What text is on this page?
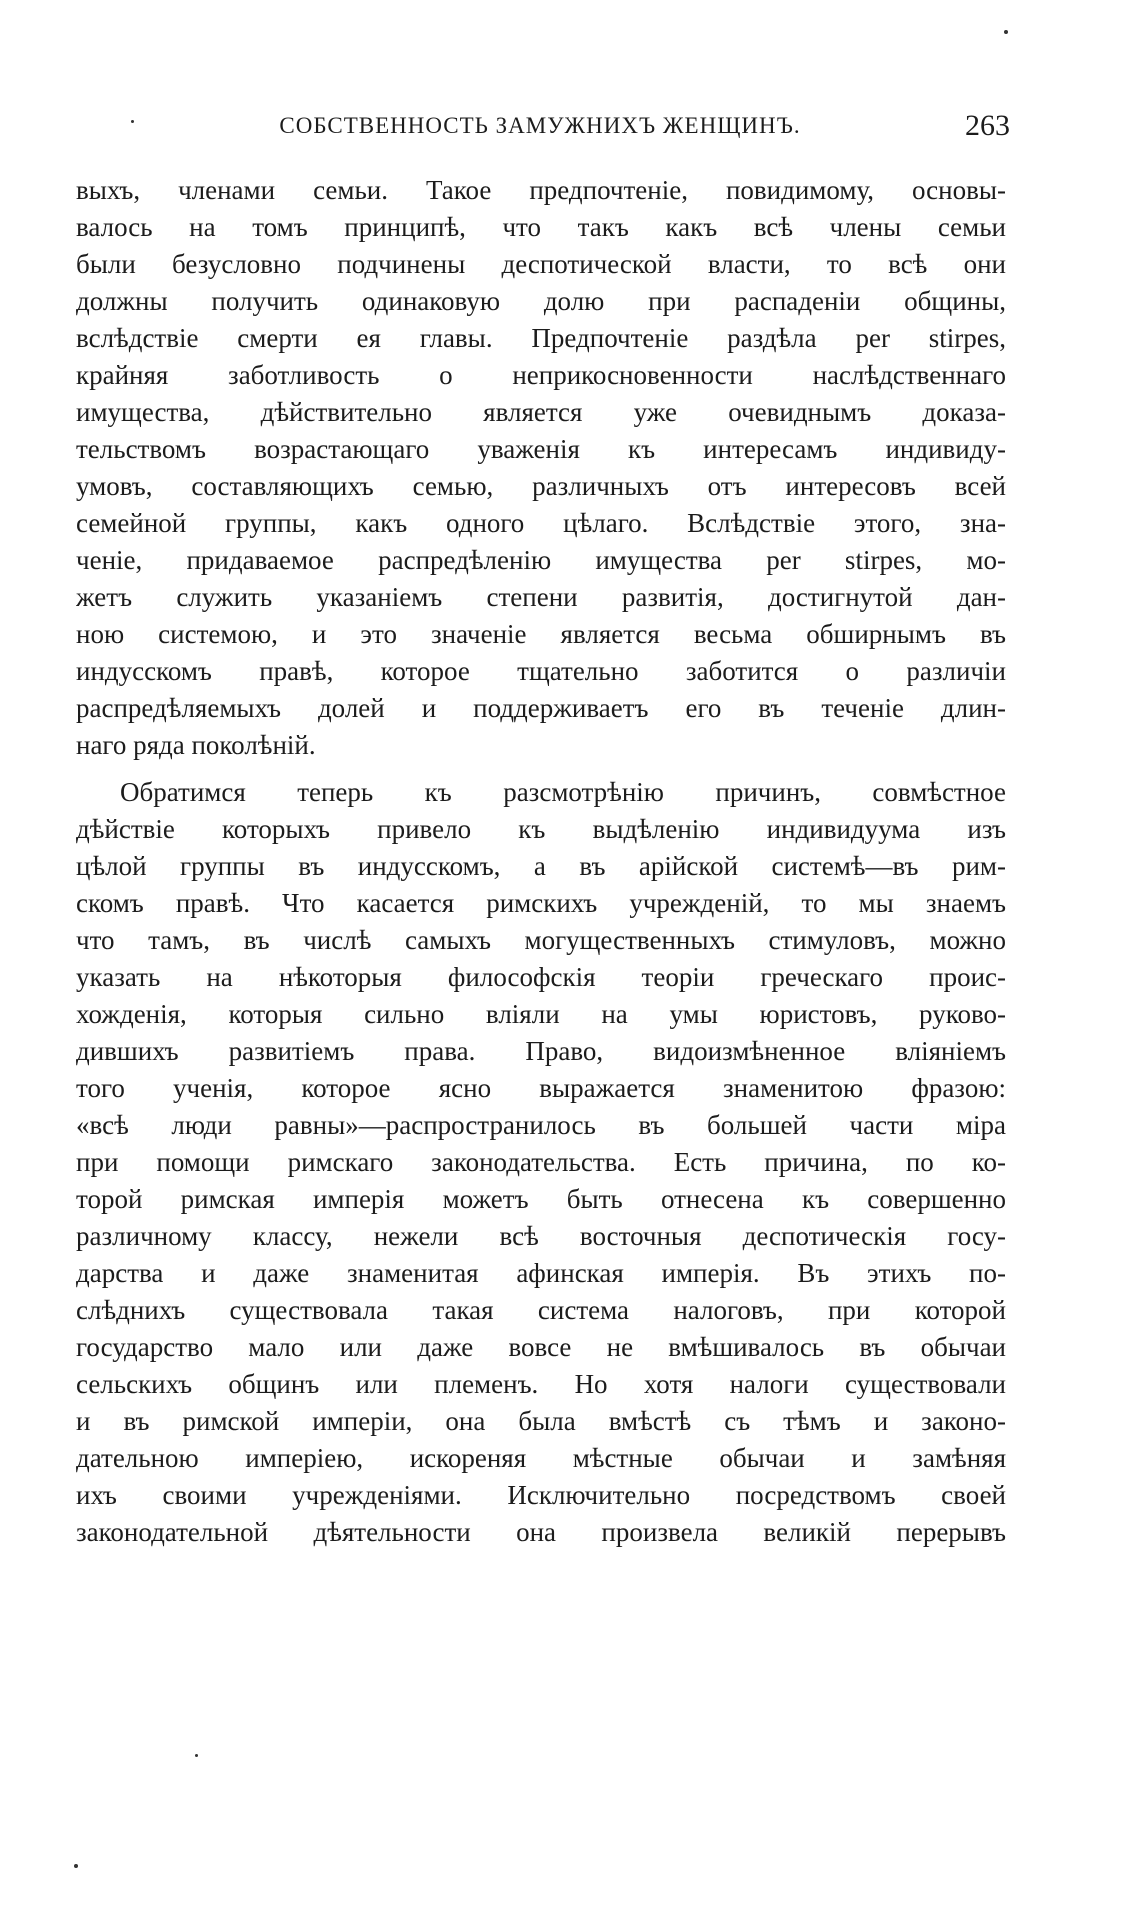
СОБСТВЕННОСТЬ ЗАМУЖНИХЪ ЖЕНЩИНЪ.	263
выхъ, членами семьи. Такое предпочтеніе, повидимому, основы-
валось на томъ принципѣ, что такъ какъ всѣ члены семьи
были безусловно подчинены деспотической власти, то всѣ они
должны получить одинаковую долю при распаденіи общины,
вслѣдствіе смерти ея главы. Предпочтеніе раздѣла per stirpes,
крайняя заботливость о неприкосновенности наслѣдственнаго
имущества, дѣйствительно является уже очевиднымъ доказа-
тельствомъ возрастающаго уваженія къ интересамъ индивиду-
умовъ, составляющихъ семью, различныхъ отъ интересовъ всей
семейной группы, какъ одного цѣлаго. Вслѣдствіе этого, зна-
ченіе, придаваемое распредѣленію имущества per stirpes, мо-
жетъ служить указаніемъ степени развитія, достигнутой дан-
ною системою, и это значеніе является весьма обширнымъ въ
индусскомъ правѣ, которое тщательно заботится о различіи
распредѣляемыхъ долей и поддерживаетъ его въ теченіе длин-
наго ряда поколѣній.
Обратимся теперь къ разсмотрѣнію причинъ, совмѣстное
дѣйствіе которыхъ привело къ выдѣленію индивидуума изъ
цѣлой группы въ индусскомъ, а въ арійской системѣ—въ рим-
скомъ правѣ. Что касается римскихъ учрежденій, то мы знаемъ
что тамъ, въ числѣ самыхъ могущественныхъ стимуловъ, можно
указать на нѣкоторыя философскія теоріи греческаго проис-
хожденія, которыя сильно вліяли на умы юристовъ, руково-
дившихъ развитіемъ права. Право, видоизмѣненное вліяніемъ
того ученія, которое ясно выражается знаменитою фразою:
«всѣ люди равны»—распространилось въ большей части міра
при помощи римскаго законодательства. Есть причина, по ко-
торой римская имперія можетъ быть отнесена къ совершенно
различному классу, нежели всѣ восточныя деспотическія госу-
дарства и даже знаменитая афинская имперія. Въ этихъ по-
слѣднихъ существовала такая система налоговъ, при которой
государство мало или даже вовсе не вмѣшивалось въ обычаи
сельскихъ общинъ или племенъ. Но хотя налоги существовали
и въ римской имперіи, она была вмѣстѣ съ тѣмъ и законо-
дательною имперіею, искореняя мѣстные обычаи и замѣняя
ихъ своими учрежденіями. Исключительно посредствомъ своей
законодательной дѣятельности она произвела великій перерывъ
